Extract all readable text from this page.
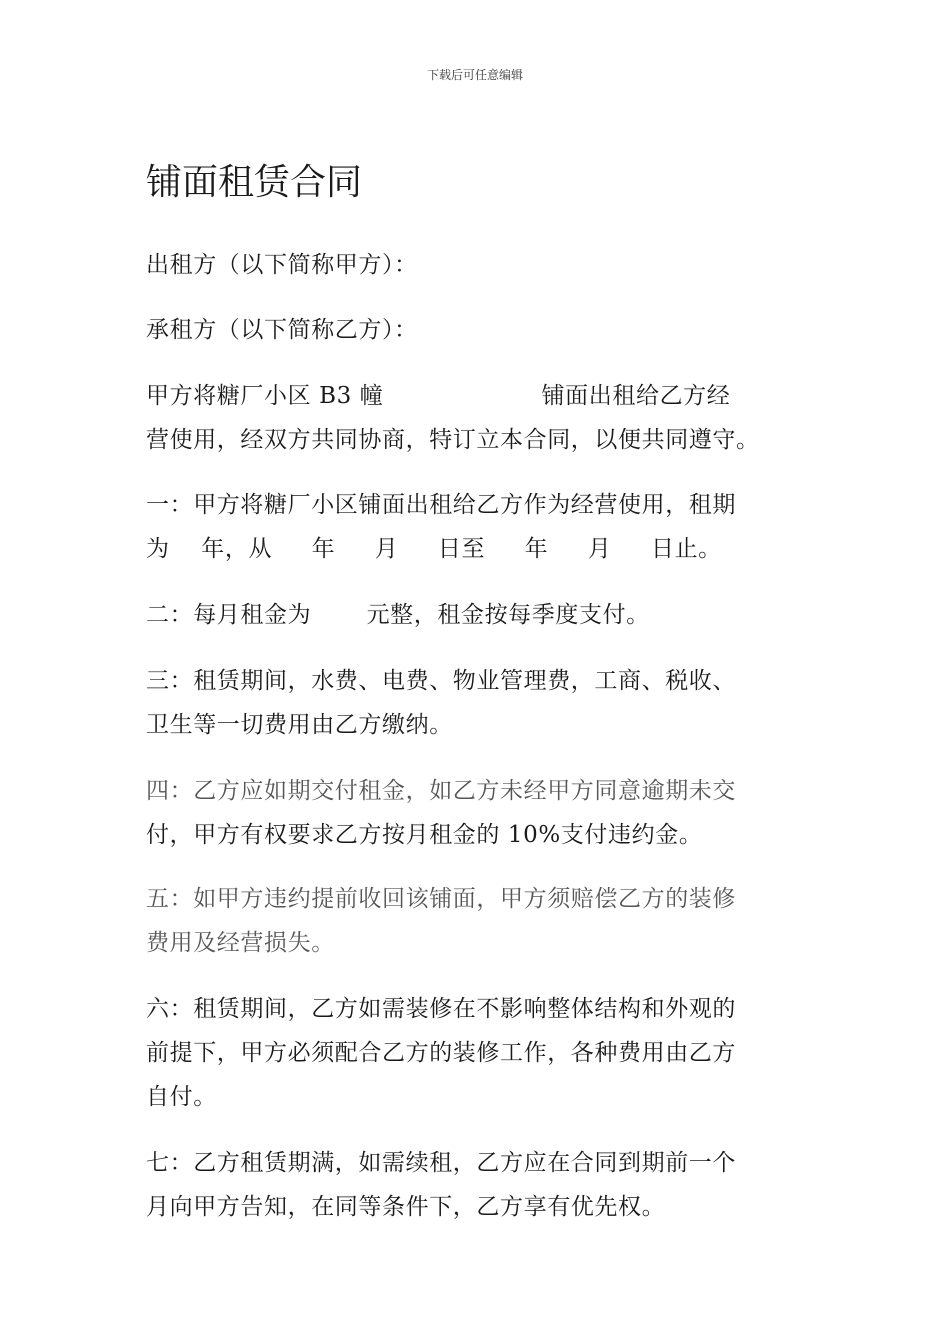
下载后可任意编辑
铺面租赁合同
出租方（以下简称甲方）：
承租方（以下简称乙方）：
甲方将糖厂小区 B3 幢                    铺面出租给乙方经
营使用，经双方共同协商，特订立本合同，以便共同遵守。
一：甲方将糖厂小区铺面出租给乙方作为经营使用，租期
为    年，从     年     月     日至     年     月     日止。
二：每月租金为       元整，租金按每季度支付。
三：租赁期间，水费、电费、物业管理费，工商、税收、
卫生等一切费用由乙方缴纳。
四：乙方应如期交付租金，如乙方未经甲方同意逾期未交
付，甲方有权要求乙方按月租金的 10%支付违约金。
五：如甲方违约提前收回该铺面，甲方须赔偿乙方的装修
费用及经营损失。
六：租赁期间，乙方如需装修在不影响整体结构和外观的
前提下，甲方必须配合乙方的装修工作，各种费用由乙方
自付。
七：乙方租赁期满，如需续租，乙方应在合同到期前一个
月向甲方告知，在同等条件下，乙方享有优先权。
